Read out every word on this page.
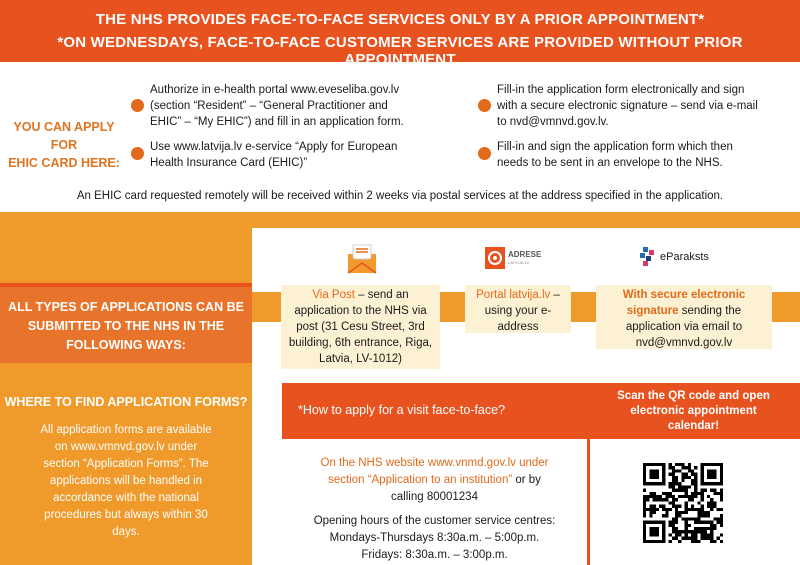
THE NHS PROVIDES FACE-TO-FACE SERVICES ONLY BY A PRIOR APPOINTMENT*
*ON WEDNESDAYS, FACE-TO-FACE CUSTOMER SERVICES ARE PROVIDED WITHOUT PRIOR APPOINTMENT
YOU CAN APPLY FOR
EHIC CARD HERE:
Authorize in e-health portal www.eveseliba.gov.lv
(section “Resident” – “General Practitioner and
EHIC” – “My EHIC”) and fill in an application form.
Use www.latvija.lv e-service “Apply for European
Health Insurance Card (EHIC)”
Fill-in the application form electronically and sign
with a secure electronic signature – send via e-mail
to nvd@vmnvd.gov.lv.
Fill-in and sign the application form which then
needs to be sent in an envelope to the NHS.
An EHIC card requested remotely will be received within 2 weeks via postal services at the address specified in the application.
ALL TYPES OF APPLICATIONS CAN BE
SUBMITTED TO THE NHS IN THE
FOLLOWING WAYS:
ADRESE
LATVIJA.LV	eParaksts
Via Post – send an
application to the NHS via
post (31 Cesu Street, 3rd
building, 6th entrance, Riga,
Latvia, LV-1012)
Portal latvija.lv –
using your e-
address
With secure electronic
signature sending the
application via email to
nvd@vmnvd.gov.lv
WHERE TO FIND APPLICATION FORMS?
All application forms are available
on www.vmnvd.gov.lv under
section “Application Forms”. The
applications will be handled in
accordance with the national
procedures but always within 30
days.
*How to apply for a visit face-to-face?
Scan the QR code and open
electronic appointment
calendar!
On the NHS website www.vnmd.gov.lv under
section “Application to an institution” or by
calling 80001234
Opening hours of the customer service centres:
Mondays-Thursdays 8:30a.m. – 5:00p.m.
Fridays: 8:30a.m. – 3:00p.m.
